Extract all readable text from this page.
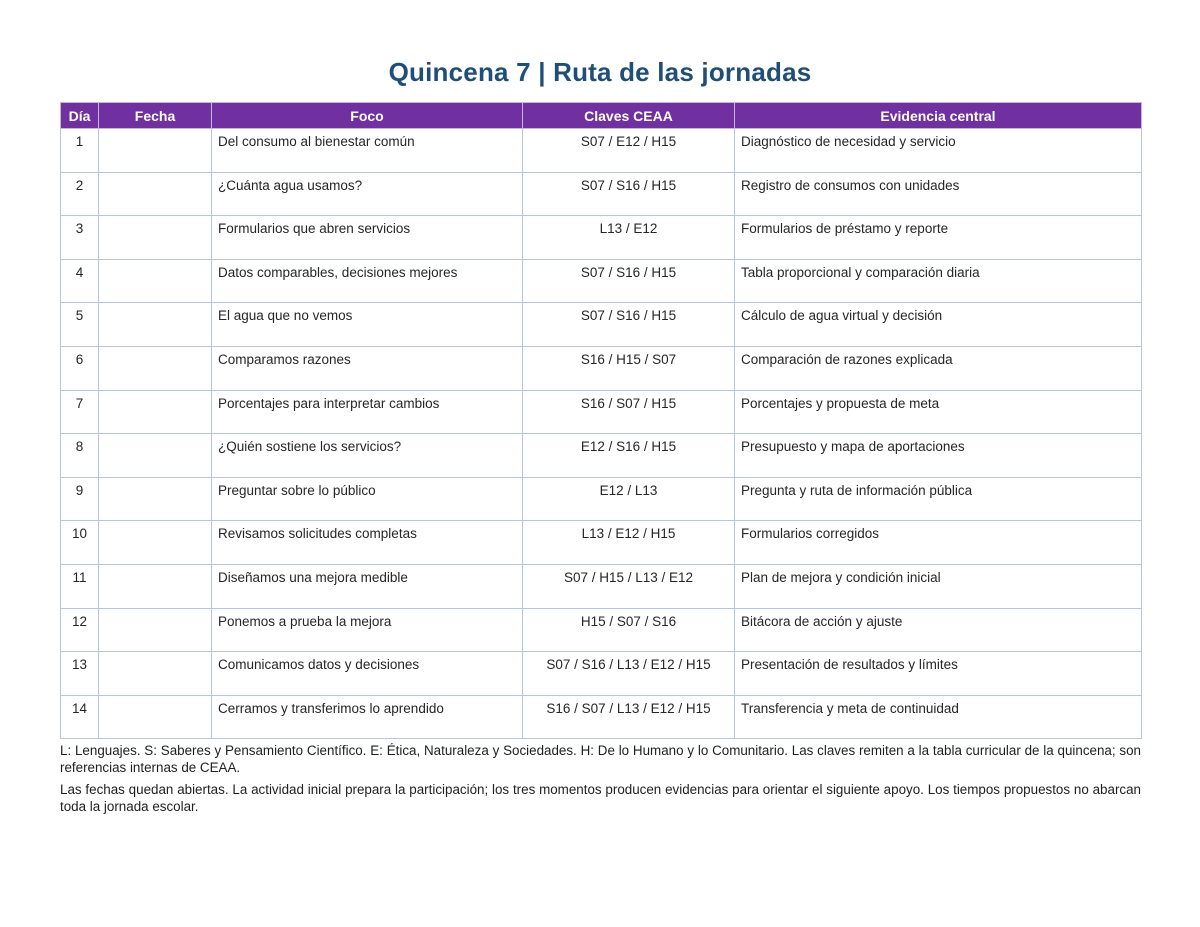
Quincena 7 | Ruta de las jornadas
Día	Fecha	Foco	Claves CEAA	Evidencia central
1		Del consumo al bienestar común	S07 / E12 / H15	Diagnóstico de necesidad y servicio
2		¿Cuánta agua usamos?	S07 / S16 / H15	Registro de consumos con unidades
3		Formularios que abren servicios	L13 / E12	Formularios de préstamo y reporte
4		Datos comparables, decisiones mejores	S07 / S16 / H15	Tabla proporcional y comparación diaria
5		El agua que no vemos	S07 / S16 / H15	Cálculo de agua virtual y decisión
6		Comparamos razones	S16 / H15 / S07	Comparación de razones explicada
7		Porcentajes para interpretar cambios	S16 / S07 / H15	Porcentajes y propuesta de meta
8		¿Quién sostiene los servicios?	E12 / S16 / H15	Presupuesto y mapa de aportaciones
9		Preguntar sobre lo público	E12 / L13	Pregunta y ruta de información pública
10		Revisamos solicitudes completas	L13 / E12 / H15	Formularios corregidos
11		Diseñamos una mejora medible	S07 / H15 / L13 / E12	Plan de mejora y condición inicial
12		Ponemos a prueba la mejora	H15 / S07 / S16	Bitácora de acción y ajuste
13		Comunicamos datos y decisiones	S07 / S16 / L13 / E12 / H15	Presentación de resultados y límites
14		Cerramos y transferimos lo aprendido	S16 / S07 / L13 / E12 / H15	Transferencia y meta de continuidad

L: Lenguajes. S: Saberes y Pensamiento Científico. E: Ética, Naturaleza y Sociedades. H: De lo Humano y lo Comunitario. Las claves remiten a la tabla curricular de la quincena; son referencias internas de CEAA.

Las fechas quedan abiertas. La actividad inicial prepara la participación; los tres momentos producen evidencias para orientar el siguiente apoyo. Los tiempos propuestos no abarcan toda la jornada escolar.
